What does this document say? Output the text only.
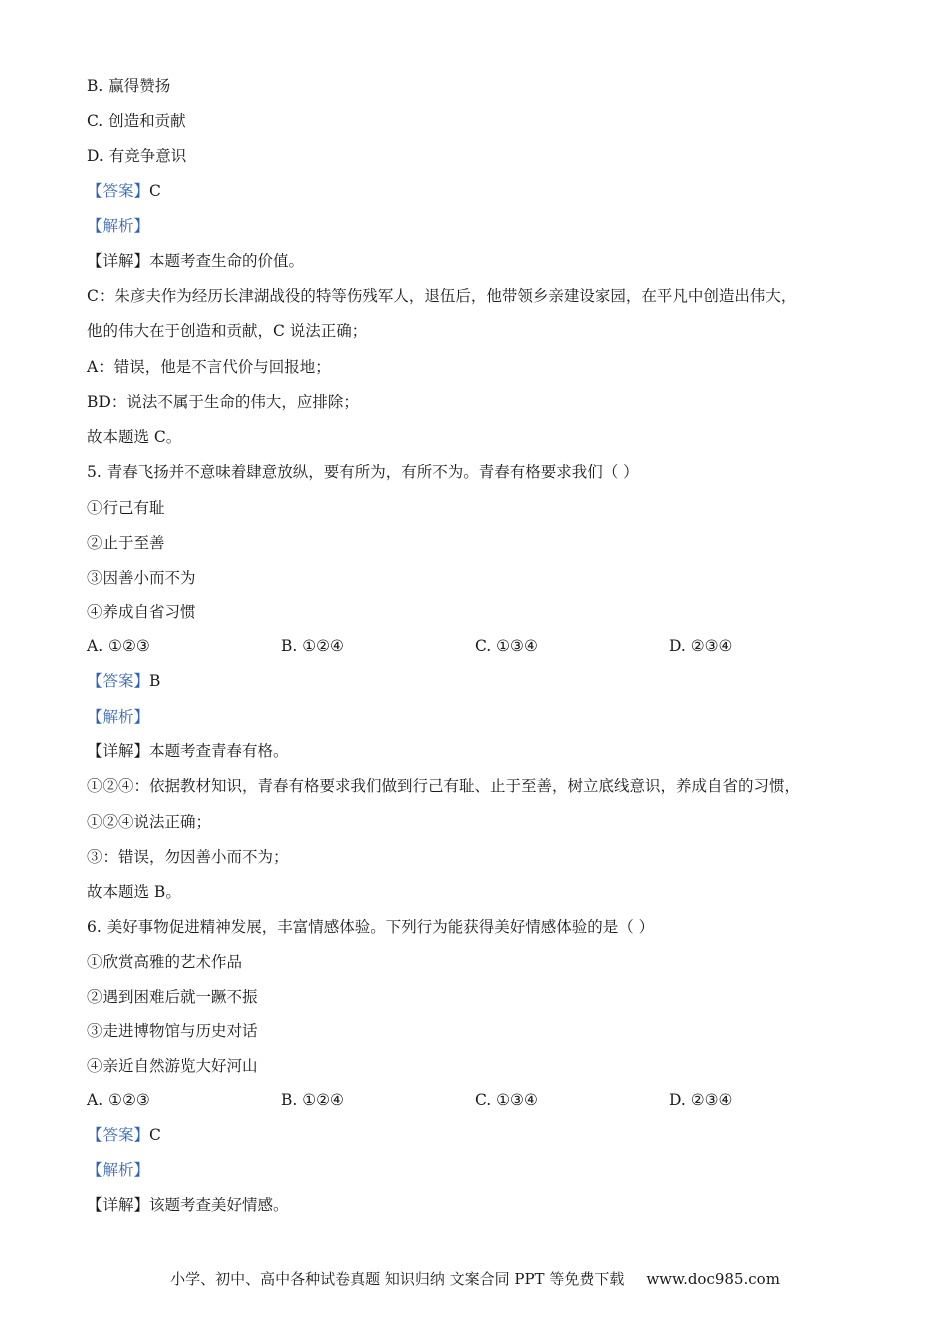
B. 赢得赞扬
C. 创造和贡献
D. 有竞争意识
【答案】C
【解析】
【详解】本题考查生命的价值。
C：朱彦夫作为经历长津湖战役的特等伤残军人，退伍后，他带领乡亲建设家园，在平凡中创造出伟大，
他的伟大在于创造和贡献，C 说法正确；
A：错误，他是不言代价与回报地；
BD：说法不属于生命的伟大，应排除；
故本题选 C。
5. 青春飞扬并不意味着肆意放纵，要有所为，有所不为。青春有格要求我们（ ）
①行己有耻
②止于至善
③因善小而不为
④养成自省习惯
A. ①②③	B. ①②④	C. ①③④	D. ②③④
【答案】B
【解析】
【详解】本题考查青春有格。
①②④：依据教材知识，青春有格要求我们做到行己有耻、止于至善，树立底线意识，养成自省的习惯，
①②④说法正确；
③：错误，勿因善小而不为；
故本题选 B。
6. 美好事物促进精神发展，丰富情感体验。下列行为能获得美好情感体验的是（ ）
①欣赏高雅的艺术作品
②遇到困难后就一蹶不振
③走进博物馆与历史对话
④亲近自然游览大好河山
A. ①②③	B. ①②④	C. ①③④	D. ②③④
【答案】C
【解析】
【详解】该题考查美好情感。
小学、初中、高中各种试卷真题 知识归纳 文案合同 PPT 等免费下载 www.doc985.com
